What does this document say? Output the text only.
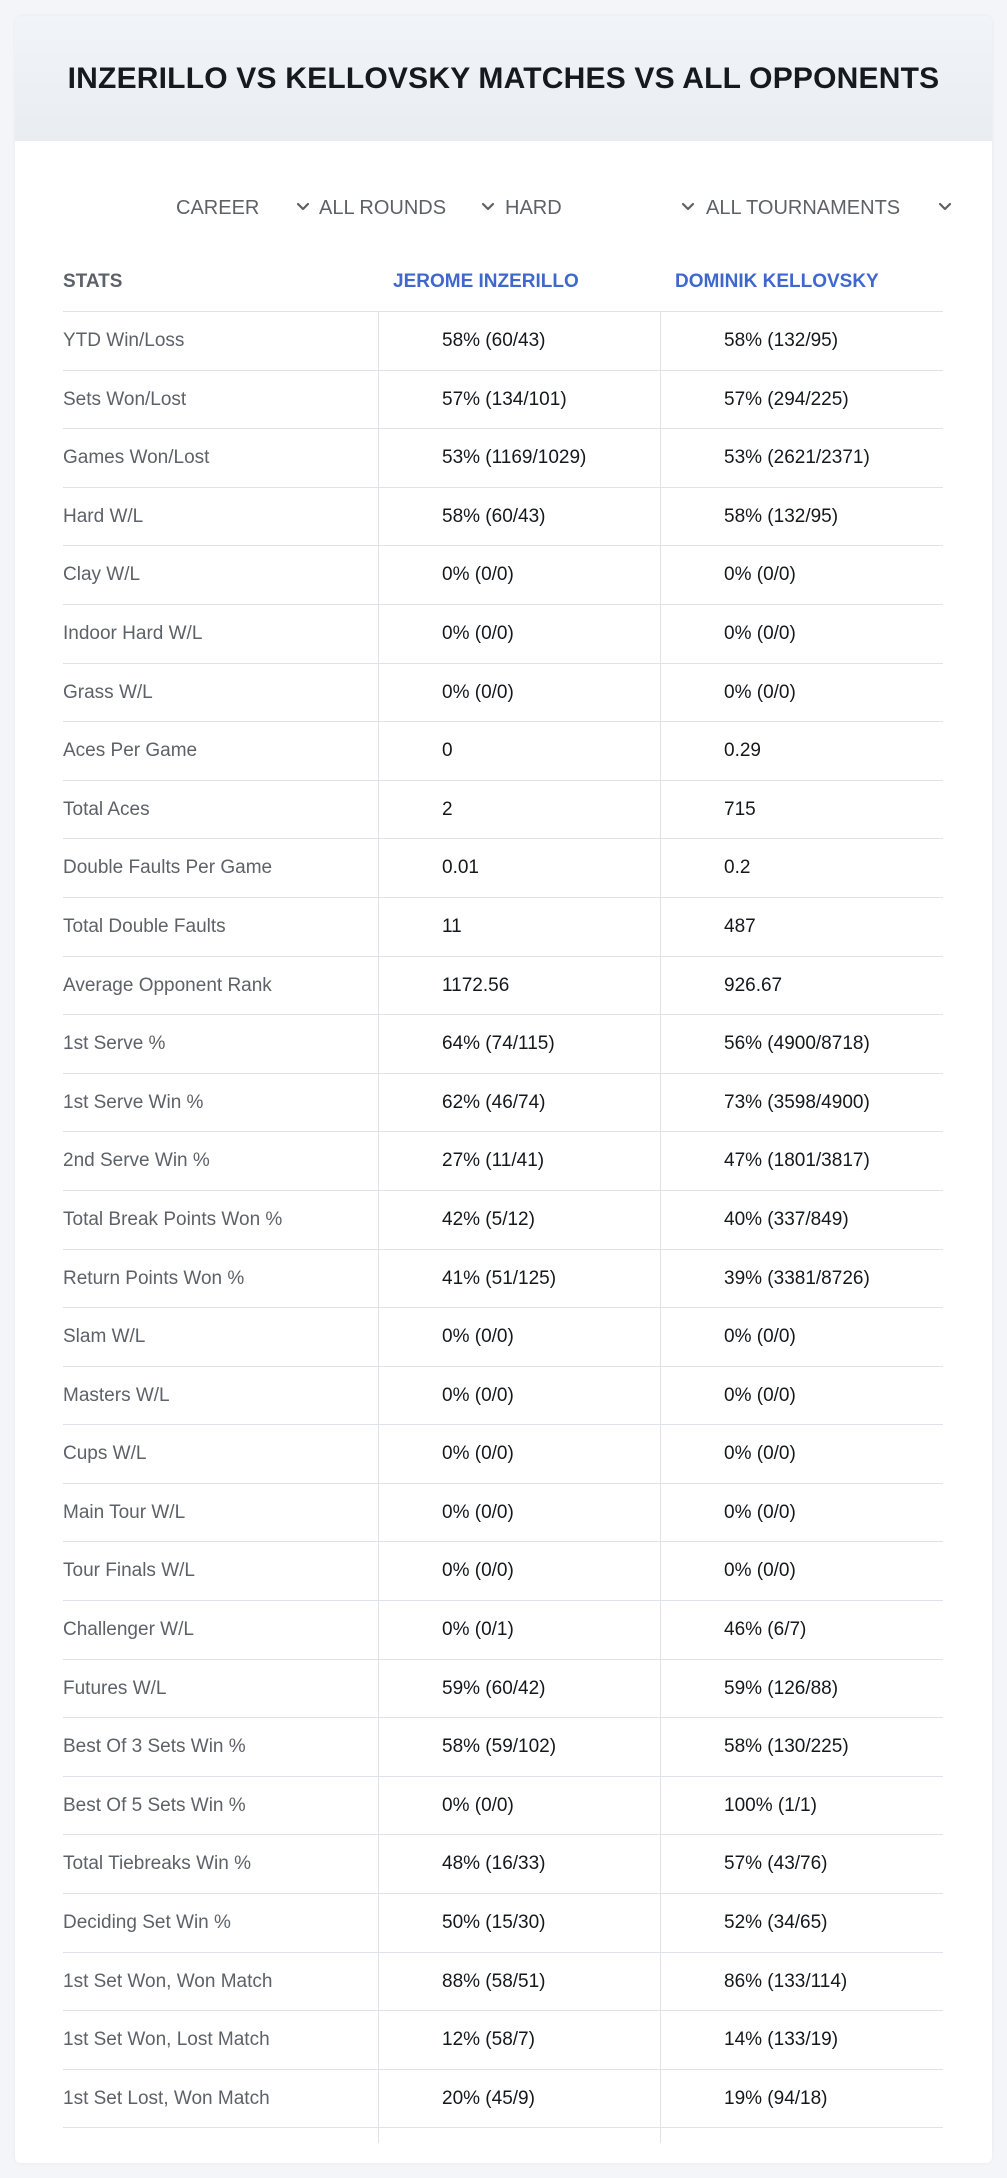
INZERILLO VS KELLOVSKY MATCHES VS ALL OPPONENTS
CAREER	ALL ROUNDS	HARD	ALL TOURNAMENTS
STATS	JEROME INZERILLO	DOMINIK KELLOVSKY
YTD Win/Loss	58% (60/43)	58% (132/95)
Sets Won/Lost	57% (134/101)	57% (294/225)
Games Won/Lost	53% (1169/1029)	53% (2621/2371)
Hard W/L	58% (60/43)	58% (132/95)
Clay W/L	0% (0/0)	0% (0/0)
Indoor Hard W/L	0% (0/0)	0% (0/0)
Grass W/L	0% (0/0)	0% (0/0)
Aces Per Game	0	0.29
Total Aces	2	715
Double Faults Per Game	0.01	0.2
Total Double Faults	11	487
Average Opponent Rank	1172.56	926.67
1st Serve %	64% (74/115)	56% (4900/8718)
1st Serve Win %	62% (46/74)	73% (3598/4900)
2nd Serve Win %	27% (11/41)	47% (1801/3817)
Total Break Points Won %	42% (5/12)	40% (337/849)
Return Points Won %	41% (51/125)	39% (3381/8726)
Slam W/L	0% (0/0)	0% (0/0)
Masters W/L	0% (0/0)	0% (0/0)
Cups W/L	0% (0/0)	0% (0/0)
Main Tour W/L	0% (0/0)	0% (0/0)
Tour Finals W/L	0% (0/0)	0% (0/0)
Challenger W/L	0% (0/1)	46% (6/7)
Futures W/L	59% (60/42)	59% (126/88)
Best Of 3 Sets Win %	58% (59/102)	58% (130/225)
Best Of 5 Sets Win %	0% (0/0)	100% (1/1)
Total Tiebreaks Win %	48% (16/33)	57% (43/76)
Deciding Set Win %	50% (15/30)	52% (34/65)
1st Set Won, Won Match	88% (58/51)	86% (133/114)
1st Set Won, Lost Match	12% (58/7)	14% (133/19)
1st Set Lost, Won Match	20% (45/9)	19% (94/18)
